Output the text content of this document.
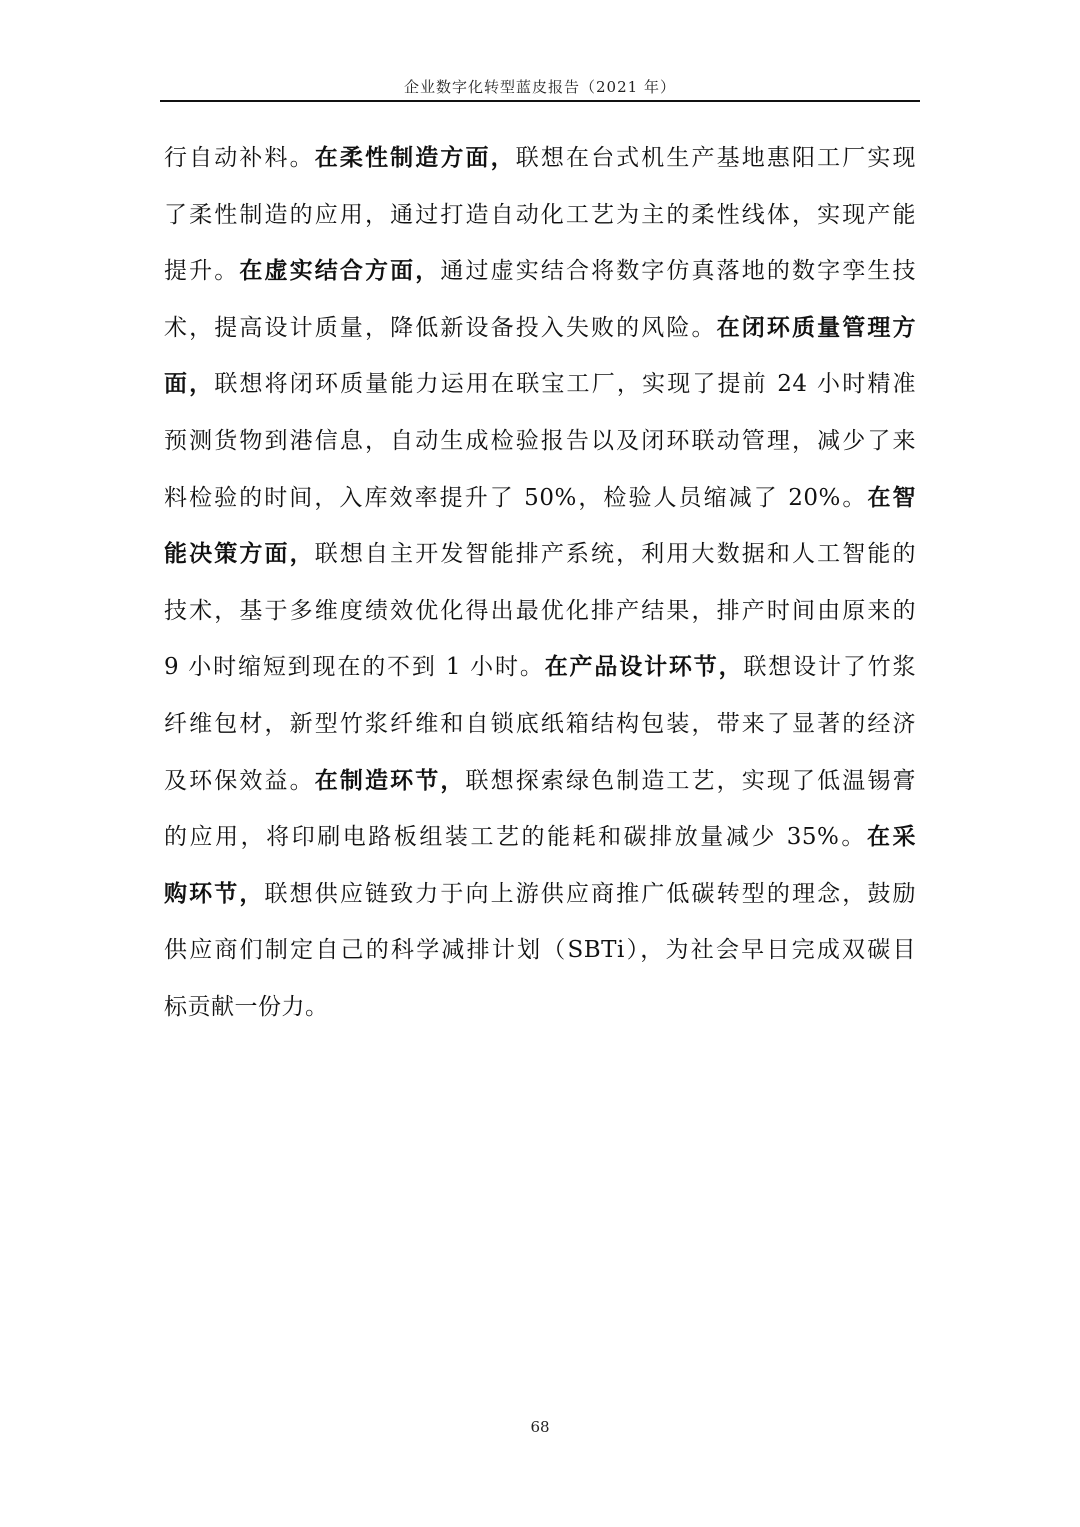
企业数字化转型蓝皮报告（2021 年）
行自动补料。在柔性制造方面，联想在台式机生产基地惠阳工厂实现
了柔性制造的应用，通过打造自动化工艺为主的柔性线体，实现产能
提升。在虚实结合方面，通过虚实结合将数字仿真落地的数字孪生技
术，提高设计质量，降低新设备投入失败的风险。在闭环质量管理方
面，联想将闭环质量能力运用在联宝工厂，实现了提前 24 小时精准
预测货物到港信息，自动生成检验报告以及闭环联动管理，减少了来
料检验的时间，入库效率提升了 50%，检验人员缩减了 20%。在智
能决策方面，联想自主开发智能排产系统，利用大数据和人工智能的
技术，基于多维度绩效优化得出最优化排产结果，排产时间由原来的
9 小时缩短到现在的不到 1 小时。在产品设计环节，联想设计了竹浆
纤维包材，新型竹浆纤维和自锁底纸箱结构包装，带来了显著的经济
及环保效益。在制造环节，联想探索绿色制造工艺，实现了低温锡膏
的应用，将印刷电路板组装工艺的能耗和碳排放量减少 35%。在采
购环节，联想供应链致力于向上游供应商推广低碳转型的理念，鼓励
供应商们制定自己的科学减排计划（SBTi），为社会早日完成双碳目
标贡献一份力。
68
